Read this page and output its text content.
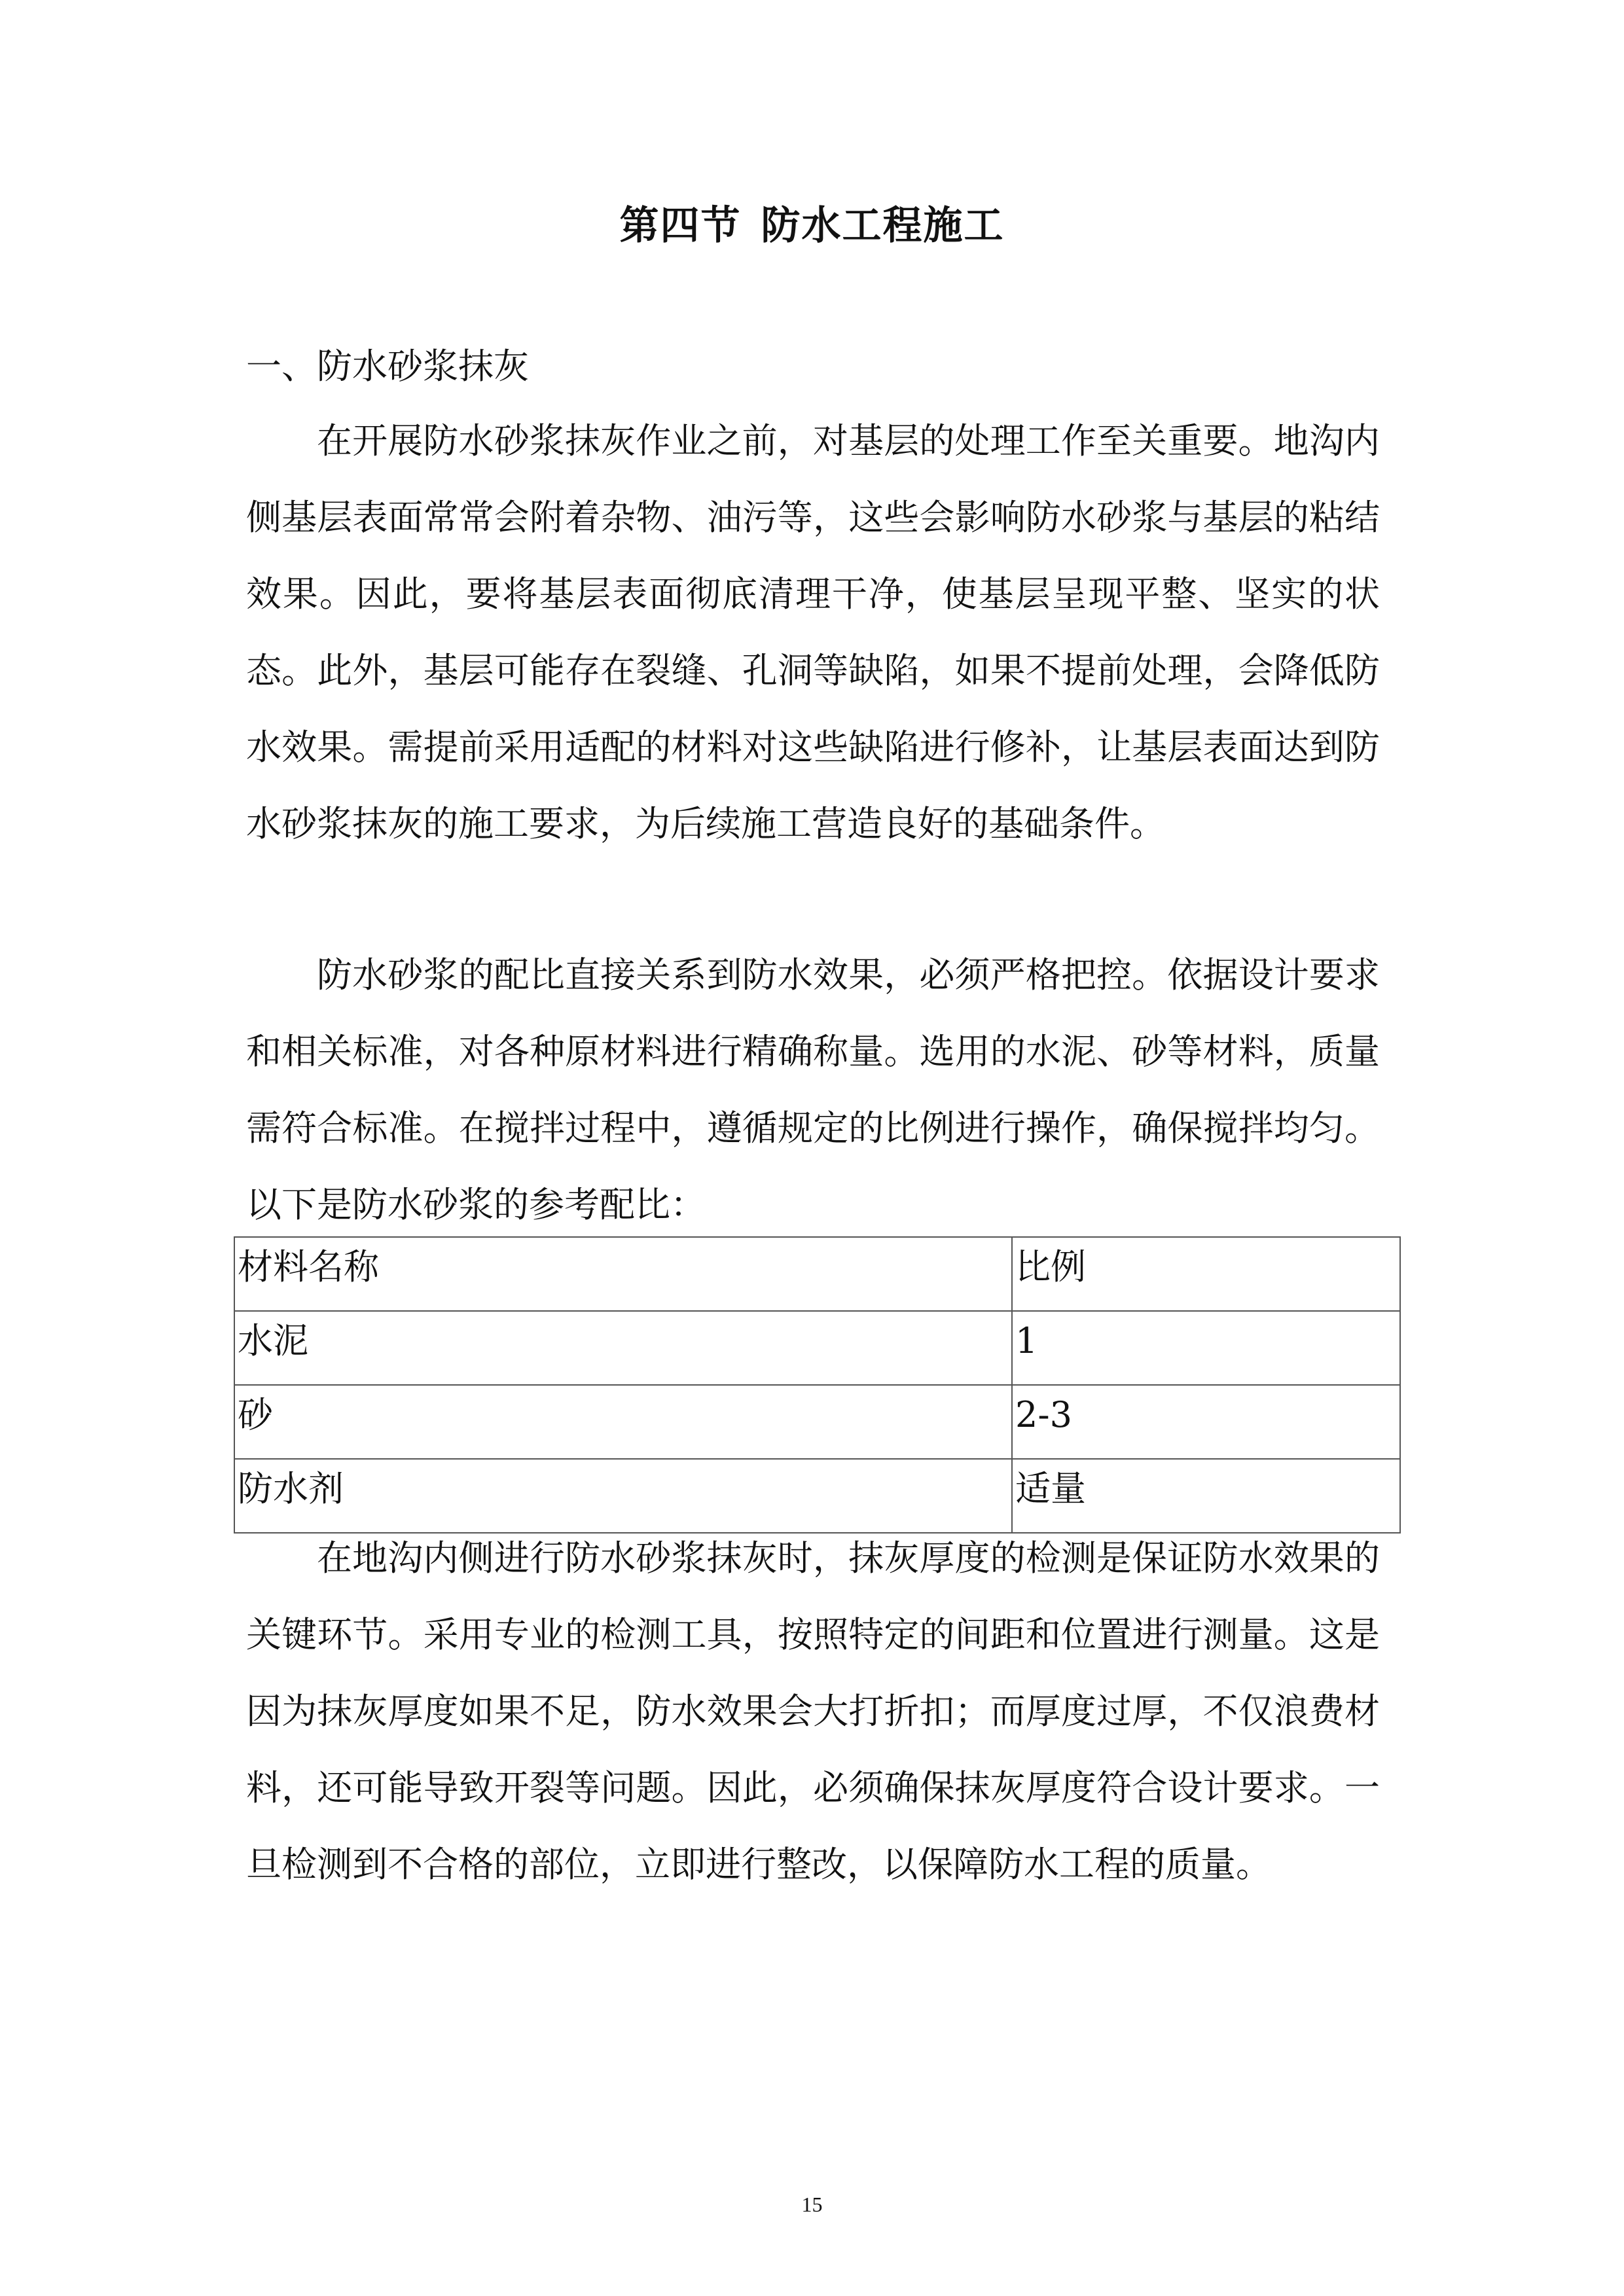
第四节 防水工程施工
一、防水砂浆抹灰

在开展防水砂浆抹灰作业之前，对基层的处理工作至关重要。地沟内侧基层表面常常会附着杂物、油污等，这些会影响防水砂浆与基层的粘结效果。因此，要将基层表面彻底清理干净，使基层呈现平整、坚实的状态。此外，基层可能存在裂缝、孔洞等缺陷，如果不提前处理，会降低防水效果。需提前采用适配的材料对这些缺陷进行修补，让基层表面达到防水砂浆抹灰的施工要求，为后续施工营造良好的基础条件。

防水砂浆的配比直接关系到防水效果，必须严格把控。依据设计要求和相关标准，对各种原材料进行精确称量。选用的水泥、砂等材料，质量需符合标准。在搅拌过程中，遵循规定的比例进行操作，确保搅拌均匀。以下是防水砂浆的参考配比：

材料名称	比例
水泥	1
砂	2-3
防水剂	适量

在地沟内侧进行防水砂浆抹灰时，抹灰厚度的检测是保证防水效果的关键环节。采用专业的检测工具，按照特定的间距和位置进行测量。这是因为抹灰厚度如果不足，防水效果会大打折扣；而厚度过厚，不仅浪费材料，还可能导致开裂等问题。因此，必须确保抹灰厚度符合设计要求。一旦检测到不合格的部位，立即进行整改，以保障防水工程的质量。

15
